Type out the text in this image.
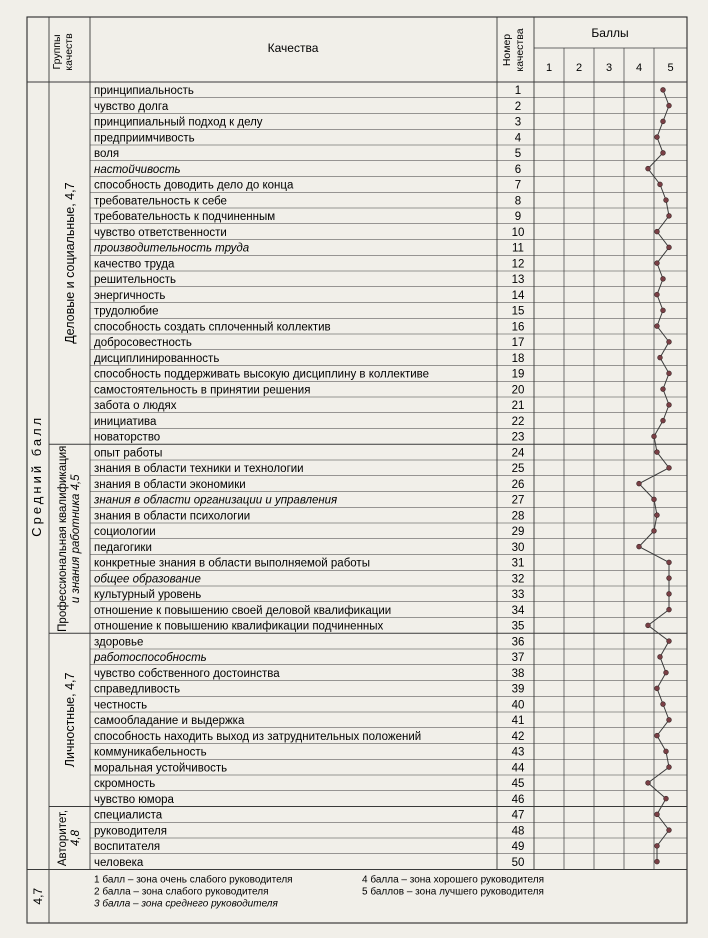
Группы качеств	Качества	Номер качества	Баллы
1 2 3 4 5
Средний балл
4,7
Деловые и социальные, 4,7
Профессиональная квалификация и знания работника 4,5
Личностные, 4,7
Авторитет, 4,8
принципиальность	1
чувство долга	2
принципиальный подход к делу	3
предприимчивость	4
воля	5
настойчивость	6
способность доводить дело до конца	7
требовательность к себе	8
требовательность к подчиненным	9
чувство ответственности	10
производительность труда	11
качество труда	12
решительность	13
энергичность	14
трудолюбие	15
способность создать сплоченный коллектив	16
добросовестность	17
дисциплинированность	18
способность поддерживать высокую дисциплину в коллективе	19
самостоятельность в принятии решения	20
забота о людях	21
инициатива	22
новаторство	23
опыт работы	24
знания в области техники и технологии	25
знания в области экономики	26
знания в области организации и управления	27
знания в области психологии	28
социологии	29
педагогики	30
конкретные знания в области выполняемой работы	31
общее образование	32
культурный уровень	33
отношение к повышению своей деловой квалификации	34
отношение к повышению квалификации подчиненных	35
здоровье	36
работоспособность	37
чувство собственного достоинства	38
справедливость	39
честность	40
самообладание и выдержка	41
способность находить выход из затруднительных положений	42
коммуникабельность	43
моральная устойчивость	44
скромность	45
чувство юмора	46
специалиста	47
руководителя	48
воспитателя	49
человека	50
1 балл – зона очень слабого руководителя
2 балла – зона слабого руководителя
3 балла – зона среднего руководителя
4 балла – зона хорошего руководителя
5 баллов – зона лучшего руководителя
